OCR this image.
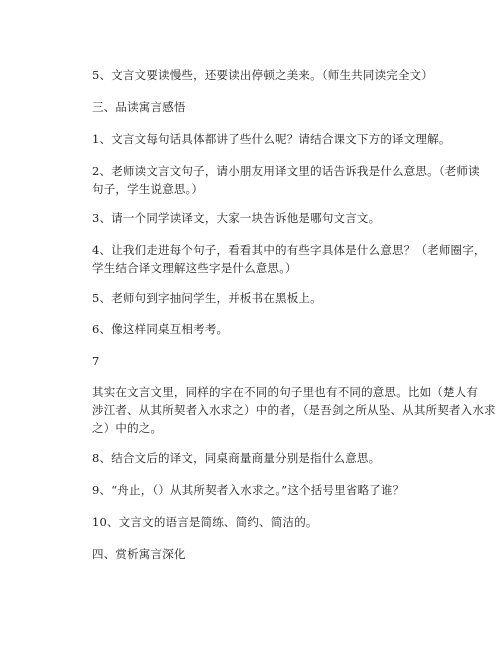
5、文言文要读慢些，还要读出停顿之美来。（师生共同读完全文）
三、品读寓言感悟
1、文言文每句话具体都讲了些什么呢？请结合课文下方的译文理解。
2、老师读文言文句子，请小朋友用译文里的话告诉我是什么意思。（老师读
句子，学生说意思。）
3、请一个同学读译文，大家一块告诉他是哪句文言文。
4、让我们走进每个句子，看看其中的有些字具体是什么意思？（老师圈字，
学生结合译文理解这些字是什么意思。）
5、老师句到字抽问学生，并板书在黑板上。
6、像这样同桌互相考考。
7
其实在文言文里，同样的字在不同的句子里也有不同的意思。比如（楚人有
涉江者、从其所契者入水求之）中的者，（是吾剑之所从坠、从其所契者入水求
之）中的之。
8、结合文后的译文，同桌商量商量分别是指什么意思。
9、“舟止，（）从其所契者入水求之。”这个括号里省略了谁？
10、文言文的语言是简练、简约、简洁的。
四、赏析寓言深化
